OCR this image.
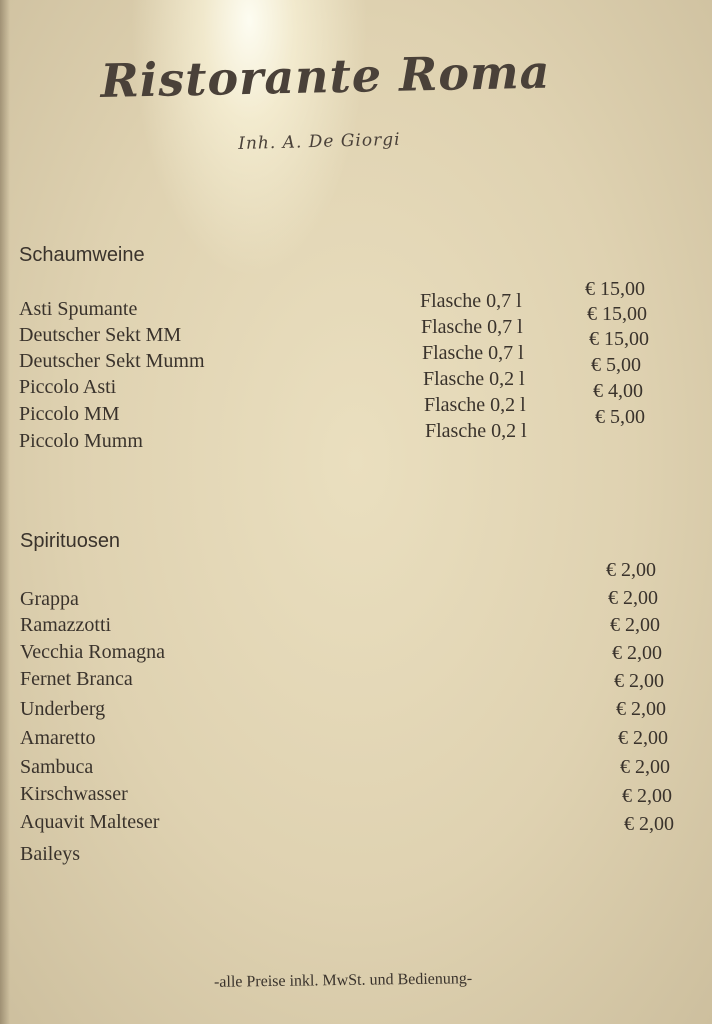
Ristorante Roma
Inh. A. De Giorgi
Schaumweine
Asti Spumante
Deutscher Sekt MM
Deutscher Sekt Mumm
Piccolo Asti
Piccolo MM
Piccolo Mumm
Flasche 0,7 l
Flasche 0,7 l
Flasche 0,7 l
Flasche 0,2 l
Flasche 0,2 l
Flasche 0,2 l
€ 15,00
€ 15,00
€ 15,00
€ 5,00
€ 4,00
€ 5,00
Spirituosen
Grappa
Ramazzotti
Vecchia Romagna
Fernet Branca
Underberg
Amaretto
Sambuca
Kirschwasser
Aquavit Malteser
Baileys
€ 2,00
€ 2,00
€ 2,00
€ 2,00
€ 2,00
€ 2,00
€ 2,00
€ 2,00
€ 2,00
€ 2,00
-alle Preise inkl. MwSt. und Bedienung-
